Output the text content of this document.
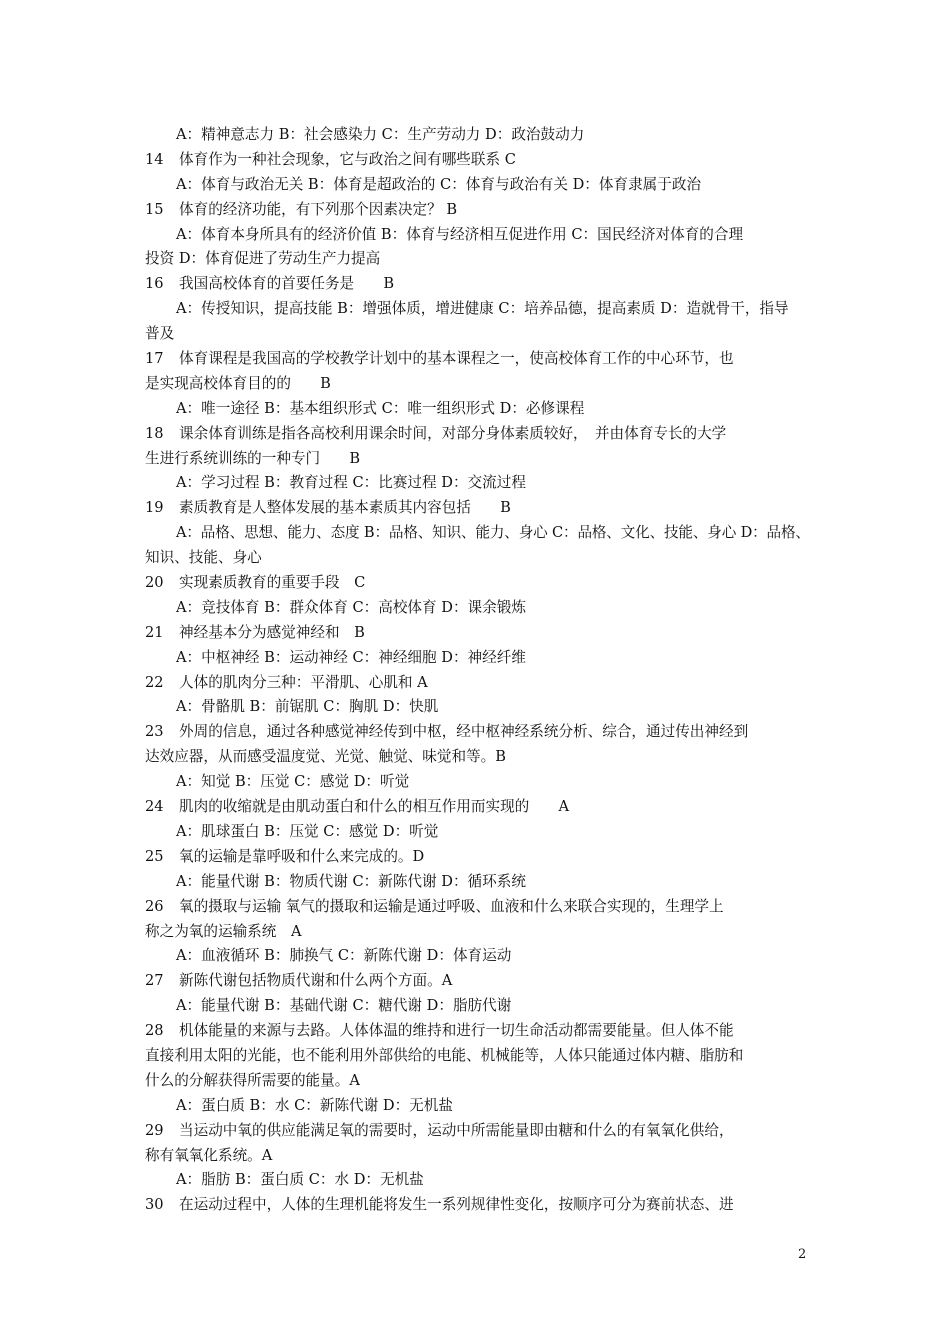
A：精神意志力 B：社会感染力 C：生产劳动力 D：政治鼓动力
14 体育作为一种社会现象，它与政治之间有哪些联系 C
A：体育与政治无关 B：体育是超政治的 C：体育与政治有关 D：体育隶属于政治
15 体育的经济功能，有下列那个因素决定？ B
A：体育本身所具有的经济价值 B：体育与经济相互促进作用 C：国民经济对体育的合理
投资 D：体育促进了劳动生产力提高
16 我国高校体育的首要任务是　　B
A：传授知识，提高技能 B：增强体质，增进健康 C：培养品德，提高素质 D：造就骨干，指导
普及
17 体育课程是我国高的学校教学计划中的基本课程之一，使高校体育工作的中心环节，也
是实现高校体育目的的　　B
A：唯一途径 B：基本组织形式 C：唯一组织形式 D：必修课程
18 课余体育训练是指各高校利用课余时间，对部分身体素质较好，　并由体育专长的大学
生进行系统训练的一种专门　　B
A：学习过程 B：教育过程 C：比赛过程 D：交流过程
19 素质教育是人整体发展的基本素质其内容包括　　B
A：品格、思想、能力、态度 B：品格、知识、能力、身心 C：品格、文化、技能、身心 D：品格、
知识、技能、身心
20 实现素质教育的重要手段　C
A：竞技体育 B：群众体育 C：高校体育 D：课余锻炼
21 神经基本分为感觉神经和　B
A：中枢神经 B：运动神经 C：神经细胞 D：神经纤维
22 人体的肌肉分三种：平滑肌、心肌和 A
A：骨骼肌 B：前锯肌 C：胸肌 D：快肌
23 外周的信息，通过各种感觉神经传到中枢，经中枢神经系统分析、综合，通过传出神经到
达效应器，从而感受温度觉、光觉、触觉、味觉和等。B
A：知觉 B：压觉 C：感觉 D：听觉
24 肌肉的收缩就是由肌动蛋白和什么的相互作用而实现的　　A
A：肌球蛋白 B：压觉 C：感觉 D：听觉
25 氧的运输是靠呼吸和什么来完成的。D
A：能量代谢 B：物质代谢 C：新陈代谢 D：循环系统
26 氧的摄取与运输 氧气的摄取和运输是通过呼吸、血液和什么来联合实现的，生理学上
称之为氧的运输系统　A
A：血液循环 B：肺换气 C：新陈代谢 D：体育运动
27 新陈代谢包括物质代谢和什么两个方面。A
A：能量代谢 B：基础代谢 C：糖代谢 D：脂肪代谢
28 机体能量的来源与去路。人体体温的维持和进行一切生命活动都需要能量。但人体不能
直接利用太阳的光能，也不能利用外部供给的电能、机械能等，人体只能通过体内糖、脂肪和
什么的分解获得所需要的能量。A
A：蛋白质 B：水 C：新陈代谢 D：无机盐
29 当运动中氧的供应能满足氧的需要时，运动中所需能量即由糖和什么的有氧氧化供给，
称有氧氧化系统。A
A：脂肪 B：蛋白质 C：水 D：无机盐
30 在运动过程中，人体的生理机能将发生一系列规律性变化，按顺序可分为赛前状态、进
2
